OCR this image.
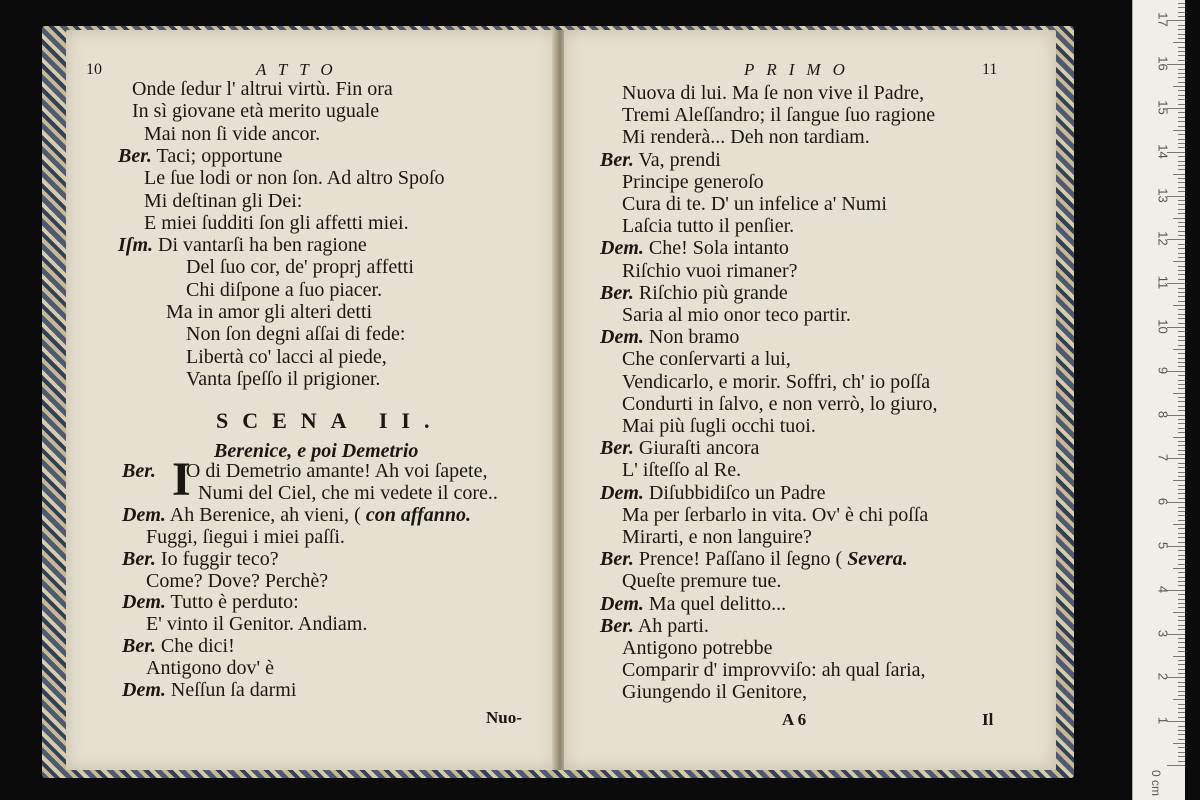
10	ATTO
Onde ſedur l' altrui virtù. Fin ora
In sì giovane età merito uguale
Mai non ſi vide ancor.
Ber. Taci; opportune
Le ſue lodi or non ſon. Ad altro Spoſo
Mi deſtinan gli Dei:
E miei ſudditi ſon gli affetti miei.
Iſm. Di vantarſi ha ben ragione
Del ſuo cor, de' proprj affetti
Chi diſpone a ſuo piacer.
Ma in amor gli alteri detti
Non ſon degni aſſai di fede:
Libertà co' lacci al piede,
Vanta ſpeſſo il prigioner.
SCENA II.
Berenice, e poi Demetrio
I
Ber.   O di Demetrio amante! Ah voi ſapete,
Numi del Ciel, che mi vedete il core..
Dem. Ah Berenice, ah vieni, ( con affanno.
Fuggi, ſiegui i miei paſſi.
Ber. Io fuggir teco?
Come? Dove? Perchè?
Dem. Tutto è perduto:
E' vinto il Genitor. Andiam.
Ber. Che dici!
Antigono dov' è
Dem. Neſſun ſa darmi
Nuo-
PRIMO	11
Nuova di lui. Ma ſe non vive il Padre,
Tremi Aleſſandro; il ſangue ſuo ragione
Mi renderà... Deh non tardiam.
Ber. Va, prendi
Principe generoſo
Cura di te. D' un infelice a' Numi
Laſcia tutto il penſier.
Dem. Che! Sola intanto
Riſchio vuoi rimaner?
Ber. Riſchio più grande
Saria al mio onor teco partir.
Dem. Non bramo
Che conſervarti a lui,
Vendicarlo, e morir. Soffri, ch' io poſſa
Condurti in ſalvo, e non verrò, lo giuro,
Mai più ſugli occhi tuoi.
Ber. Giuraſti ancora
L' iſteſſo al Re.
Dem. Diſubbidiſco un Padre
Ma per ſerbarlo in vita. Ov' è chi poſſa
Mirarti, e non languire?
Ber. Prence! Paſſano il ſegno ( Severa.
Queſte premure tue.
Dem. Ma quel delitto...
Ber. Ah parti.
Antigono potrebbe
Comparir d' improvviſo: ah qual ſaria,
Giungendo il Genitore,
A 6	Il
0 cm
1
2
3
4
5
6
7
8
9
10
11
12
13
14
15
16
17
